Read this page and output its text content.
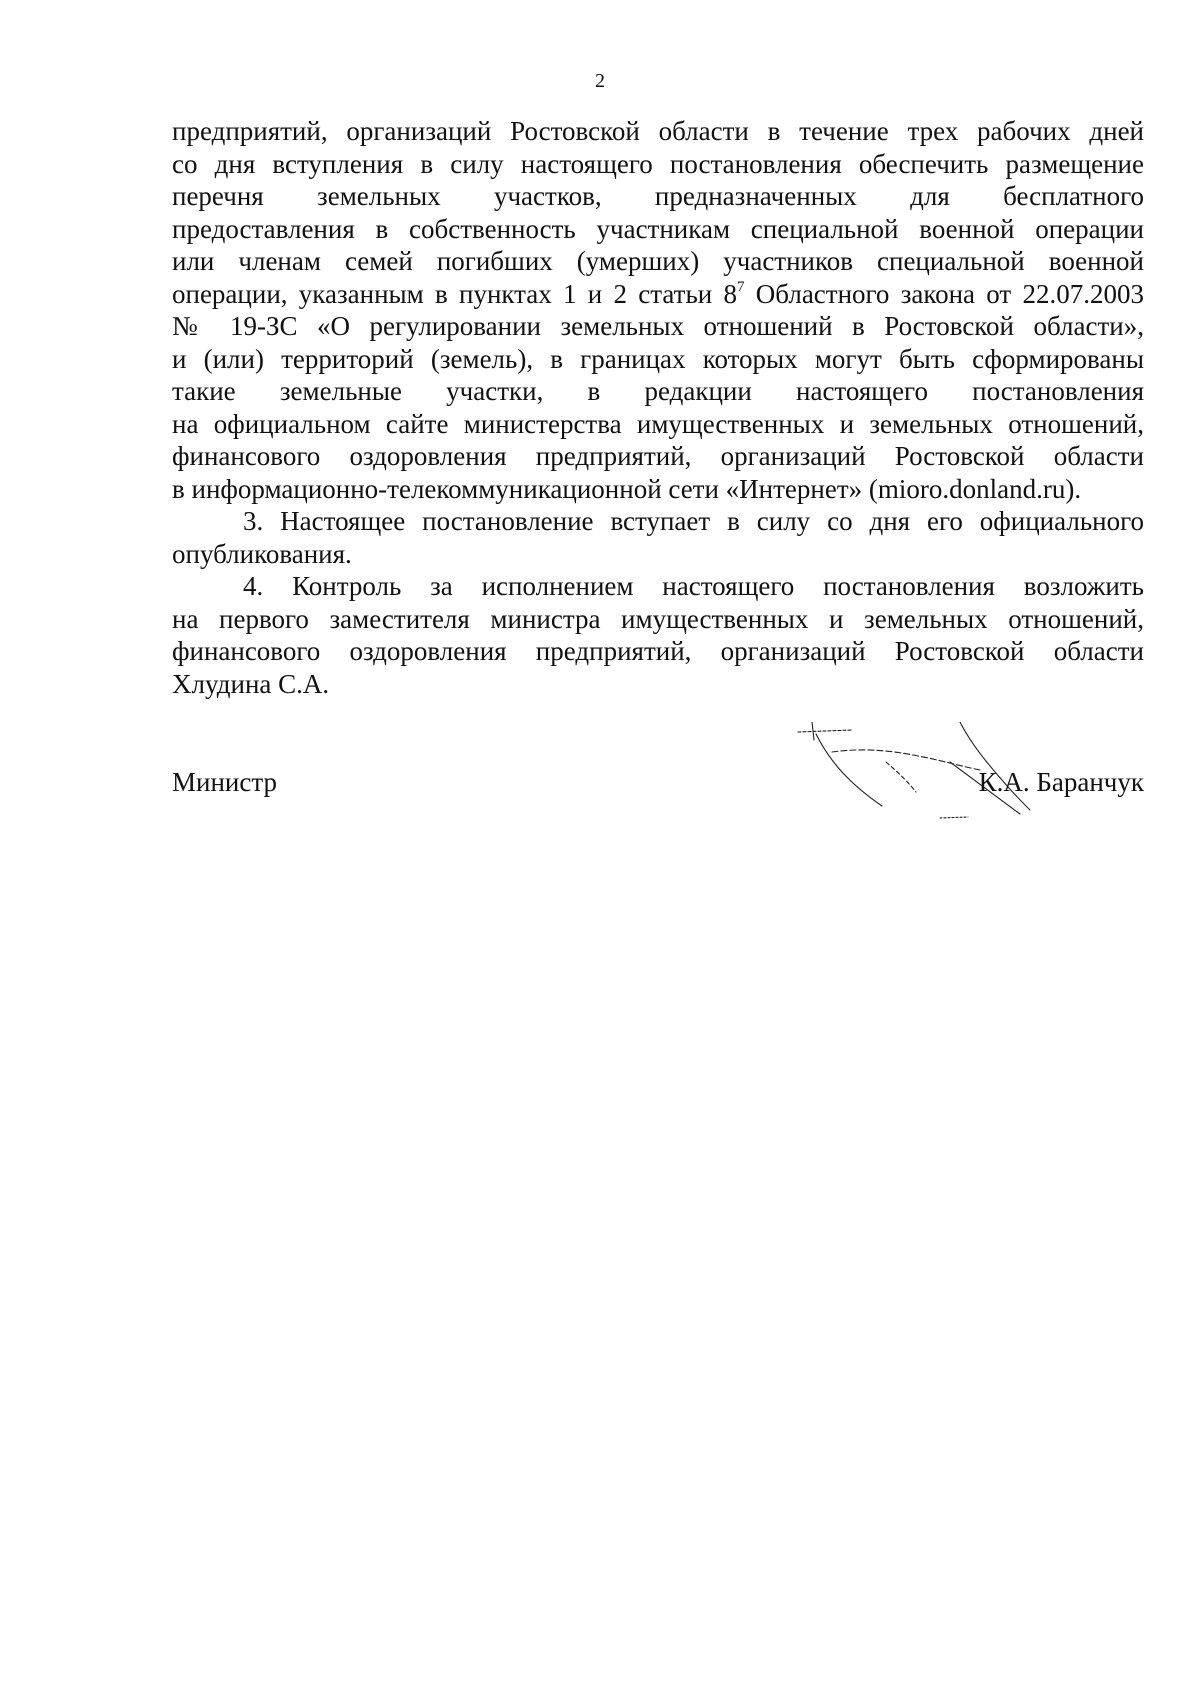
2
предприятий, организаций Ростовской области в течение трех рабочих дней
со дня вступления в силу настоящего постановления обеспечить размещение
перечня земельных участков, предназначенных для бесплатного
предоставления в собственность участникам специальной военной операции
или членам семей погибших (умерших) участников специальной военной
операции, указанным в пунктах 1 и 2 статьи $8^7$ Областного закона от 22.07.2003
№ 19-ЗС «О регулировании земельных отношений в Ростовской области»,
и (или) территорий (земель), в границах которых могут быть сформированы
такие земельные участки, в редакции настоящего постановления
на официальном сайте министерства имущественных и земельных отношений,
финансового оздоровления предприятий, организаций Ростовской области
в информационно-телекоммуникационной сети «Интернет» (mioro.donland.ru).
3. Настоящее постановление вступает в силу со дня его официального
опубликования.
4. Контроль за исполнением настоящего постановления возложить
на первого заместителя министра имущественных и земельных отношений,
финансового оздоровления предприятий, организаций Ростовской области
Хлудина С.А.
Министр	К.А. Баранчук
